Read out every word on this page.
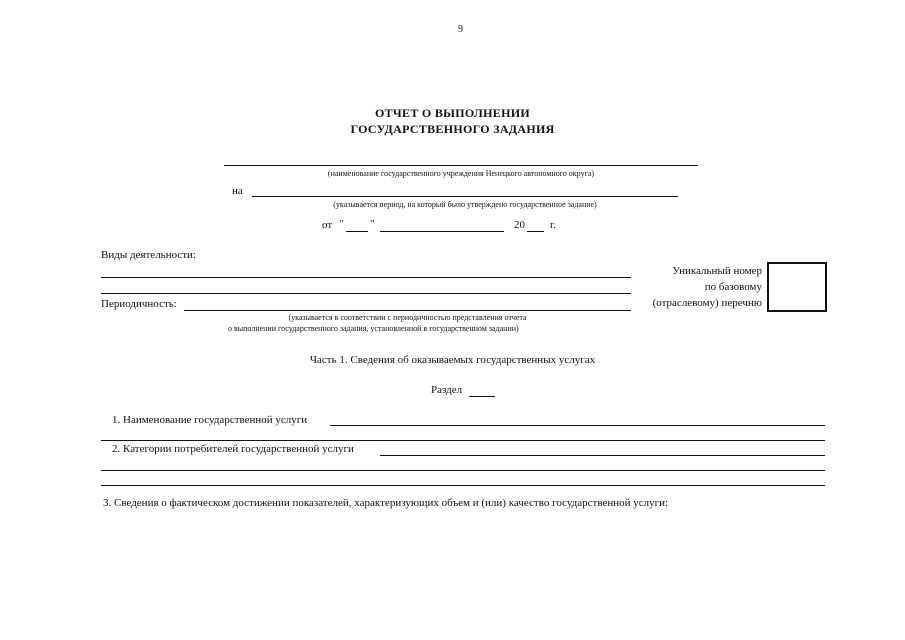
9
ОТЧЕТ О ВЫПОЛНЕНИИ
ГОСУДАРСТВЕННОГО ЗАДАНИЯ
(наименование государственного учреждения Ненецкого автономного округа)
на
(указывается период, на который было утверждено государственное задание)
от " "	20 г.
Виды деятельности:
Периодичность:
(указывается в соответствии с периодичностью представления отчета
о выполнении государственного задания, установленной в государственном задании)
Уникальный номер
по базовому
(отраслевому) перечню
Часть 1. Сведения об оказываемых государственных услугах
Раздел
1. Наименование государственной услуги
2. Категории потребителей государственной услуги
3. Сведения о фактическом достижении показателей, характеризующих объем и (или) качество государственной услуги:
